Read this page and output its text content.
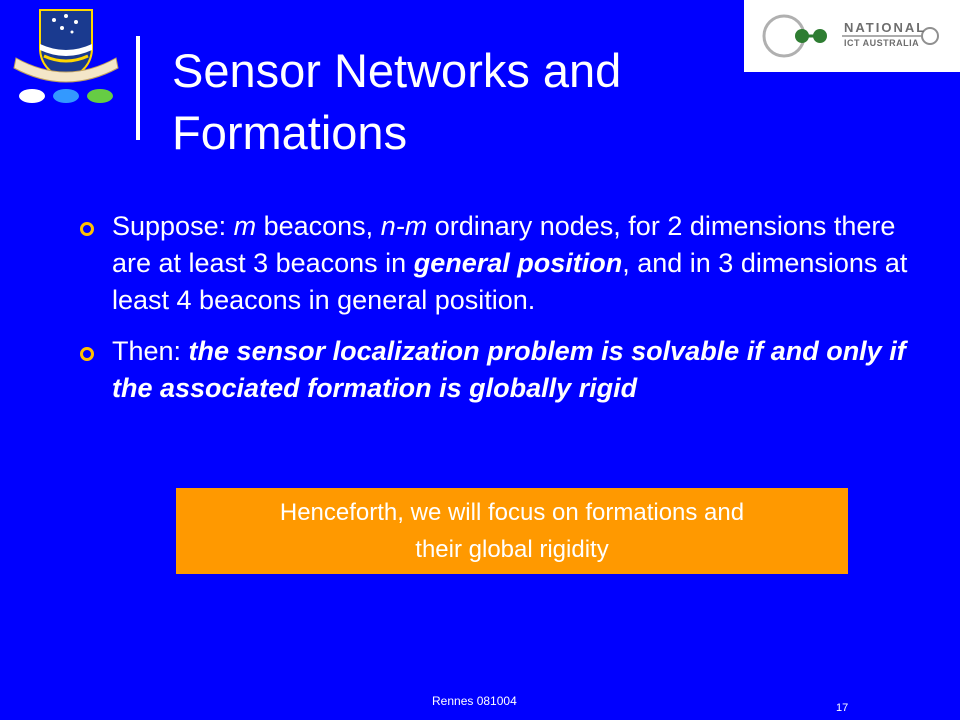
Sensor Networks and
Formations
NATIONAL
ICT AUSTRALIA
Suppose: m beacons, n-m ordinary nodes, for 2 dimensions there are at least 3 beacons in general position, and in 3 dimensions at least 4 beacons in general position.
Then: the sensor localization problem is solvable if and only if the associated formation is globally rigid
Henceforth, we will focus on formations and
their global rigidity
Rennes 081004	17
